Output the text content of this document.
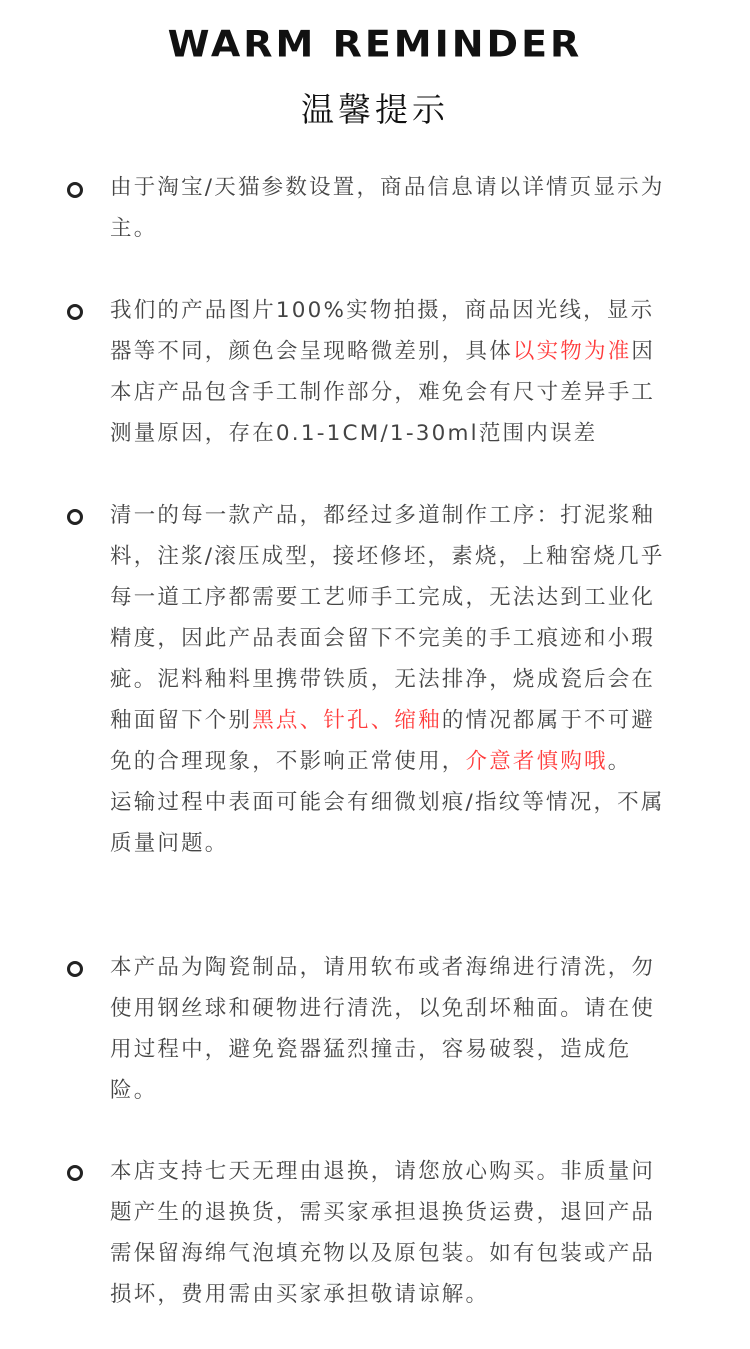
WARM REMINDER
温馨提示
由于淘宝/天猫参数设置，商品信息请以详情页显示为主。
我们的产品图片100%实物拍摄，商品因光线，显示器等不同，颜色会呈现略微差别，具体以实物为准因本店产品包含手工制作部分，难免会有尺寸差异手工测量原因，存在0.1-1CM/1-30ml范围内误差
清一的每一款产品，都经过多道制作工序：打泥浆釉料，注浆/滚压成型，接坯修坯，素烧，上釉窑烧几乎每一道工序都需要工艺师手工完成，无法达到工业化精度，因此产品表面会留下不完美的手工痕迹和小瑕疵。泥料釉料里携带铁质，无法排净，烧成瓷后会在釉面留下个别黑点、针孔、缩釉的情况都属于不可避免的合理现象，不影响正常使用，介意者慎购哦。
运输过程中表面可能会有细微划痕/指纹等情况，不属质量问题。
本产品为陶瓷制品，请用软布或者海绵进行清洗，勿使用钢丝球和硬物进行清洗，以免刮坏釉面。请在使用过程中，避免瓷器猛烈撞击，容易破裂，造成危险。
本店支持七天无理由退换，请您放心购买。非质量问题产生的退换货，需买家承担退换货运费，退回产品需保留海绵气泡填充物以及原包装。如有包装或产品损坏，费用需由买家承担敬请谅解。
